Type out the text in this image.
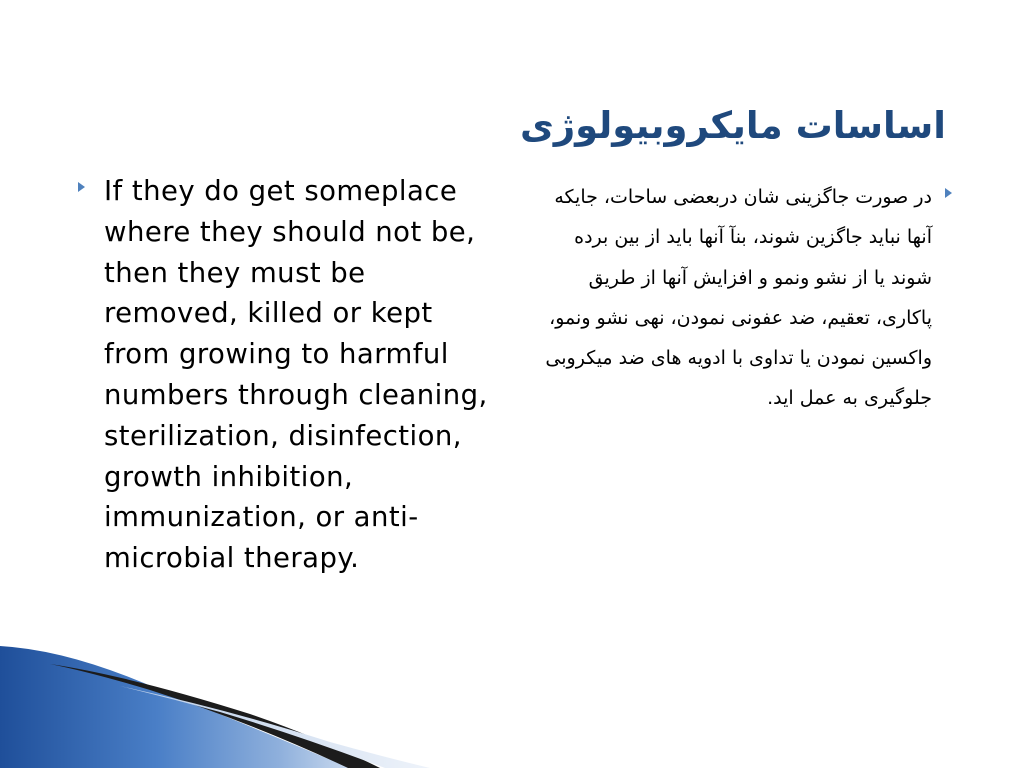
اساسات مایکروبیولوژی

If they do get someplace where they should not be, then they must be removed, killed or kept from growing to harmful numbers through cleaning, sterilization, disinfection, growth inhibition, immunization, or anti-microbial therapy.

در صورت جاگزینی شان دربعضی ساحات، جایکه آنها نباید جاگزین شوند، بنآ آنها باید از بین برده شوند یا از نشو ونمو و افزایش آنها از طریق پاکاری، تعقیم، ضد عفونی نمودن، نهی نشو ونمو، واکسین نمودن یا تداوی با ادویه های ضد میکروبی جلوگیری به عمل اید.
